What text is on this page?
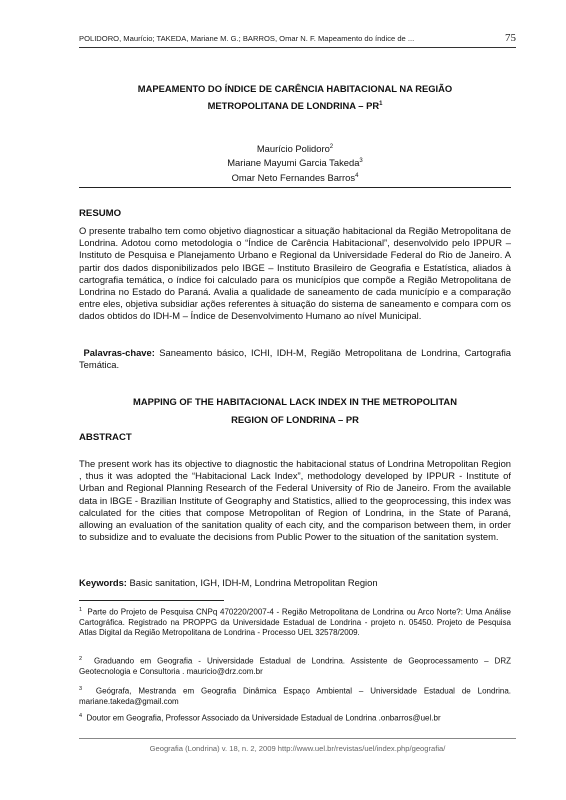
POLIDORO, Maurício; TAKEDA, Mariane M. G.; BARROS, Omar N. F. Mapeamento do índice de ...	75
MAPEAMENTO DO ÍNDICE DE CARÊNCIA HABITACIONAL NA REGIÃO
METROPOLITANA DE LONDRINA – $PR^1$
Maurício Polidoro$^2$
Mariane Mayumi Garcia Takeda$^3$
Omar Neto Fernandes Barros$^4$
RESUMO
O presente trabalho tem como objetivo diagnosticar a situação habitacional da Região Metropolitana de Londrina. Adotou como metodologia o “Índice de Carência Habitacional”, desenvolvido pelo IPPUR – Instituto de Pesquisa e Planejamento Urbano e Regional da Universidade Federal do Rio de Janeiro. A partir dos dados disponibilizados pelo IBGE – Instituto Brasileiro de Geografia e Estatística, aliados à cartografia temática, o índice foi calculado para os municípios que compõe a Região Metropolitana de Londrina no Estado do Paraná. Avalia a qualidade de saneamento de cada município e a comparação entre eles, objetiva subsidiar ações referentes à situação do sistema de saneamento e compara com os dados obtidos do IDH-M – Índice de Desenvolvimento Humano ao nível Municipal.
Palavras-chave: Saneamento básico, ICHI, IDH-M, Região Metropolitana de Londrina, Cartografia Temática.
MAPPING OF THE HABITACIONAL LACK INDEX IN THE METROPOLITAN
REGION OF LONDRINA – PR
ABSTRACT
The present work has its objective to diagnostic the habitacional status of Londrina Metropolitan Region , thus it was adopted the “Habitacional Lack Index”, methodology developed by IPPUR - Institute of Urban and Regional Planning Research of the Federal University of Rio de Janeiro. From the available data in IBGE - Brazilian Institute of Geography and Statistics, allied to the geoprocessing, this index was calculated for the cities that compose Metropolitan of Region of Londrina, in the State of Paraná, allowing an evaluation of the sanitation quality of each city, and the comparison between them, in order to subsidize and to evaluate the decisions from Public Power to the situation of the sanitation system.
Keywords: Basic sanitation, IGH, IDH-M, Londrina Metropolitan Region
$^1$ Parte do Projeto de Pesquisa CNPq 470220/2007-4 - Região Metropolitana de Londrina ou Arco Norte?: Uma Análise Cartográfica. Registrado na PROPPG da Universidade Estadual de Londrina - projeto n. 05450. Projeto de Pesquisa Atlas Digital da Região Metropolitana de Londrina - Processo UEL 32578/2009.
$^2$ Graduando em Geografia - Universidade Estadual de Londrina. Assistente de Geoprocessamento – DRZ Geotecnologia e Consultoria . mauricio@drz.com.br
$^3$ Geógrafa, Mestranda em Geografia Dinâmica Espaço Ambiental – Universidade Estadual de Londrina. mariane.takeda@gmail.com
$^4$ Doutor em Geografia, Professor Associado da Universidade Estadual de Londrina .onbarros@uel.br
Geografia (Londrina) v. 18, n. 2, 2009 http://www.uel.br/revistas/uel/index.php/geografia/
